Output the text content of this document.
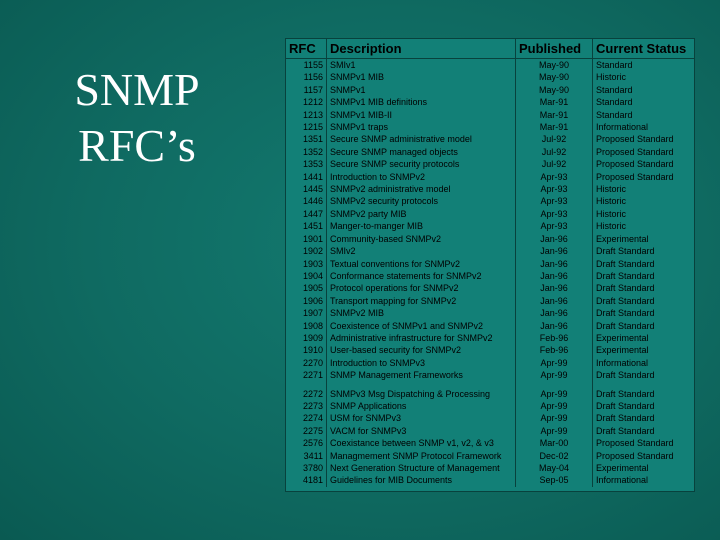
SNMP
RFC’s
RFC	Description	Published	Current Status
1155	SMIv1	May-90	Standard
1156	SNMPv1 MIB	May-90	Historic
1157	SNMPv1	May-90	Standard
1212	SNMPv1 MIB definitions	Mar-91	Standard
1213	SNMPv1 MIB-II	Mar-91	Standard
1215	SNMPv1 traps	Mar-91	Informational
1351	Secure SNMP administrative model	Jul-92	Proposed Standard
1352	Secure SNMP managed objects	Jul-92	Proposed Standard
1353	Secure SNMP security protocols	Jul-92	Proposed Standard
1441	Introduction to SNMPv2	Apr-93	Proposed Standard
1445	SNMPv2 administrative model	Apr-93	Historic
1446	SNMPv2 security protocols	Apr-93	Historic
1447	SNMPv2 party MIB	Apr-93	Historic
1451	Manger-to-manger MIB	Apr-93	Historic
1901	Community-based SNMPv2	Jan-96	Experimental
1902	SMIv2	Jan-96	Draft Standard
1903	Textual conventions for SNMPv2	Jan-96	Draft Standard
1904	Conformance statements for SNMPv2	Jan-96	Draft Standard
1905	Protocol operations for SNMPv2	Jan-96	Draft Standard
1906	Transport mapping for SNMPv2	Jan-96	Draft Standard
1907	SNMPv2 MIB	Jan-96	Draft Standard
1908	Coexistence of SNMPv1 and SNMPv2	Jan-96	Draft Standard
1909	Administrative infrastructure for SNMPv2	Feb-96	Experimental
1910	User-based security for SNMPv2	Feb-96	Experimental
2270	Introduction to SNMPv3	Apr-99	Informational
2271	SNMP Management Frameworks	Apr-99	Draft Standard

2272	SNMPv3 Msg Dispatching & Processing	Apr-99	Draft Standard
2273	SNMP Applications	Apr-99	Draft Standard
2274	USM for SNMPv3	Apr-99	Draft Standard
2275	VACM for SNMPv3	Apr-99	Draft Standard
2576	Coexistance between SNMP v1, v2, & v3	Mar-00	Proposed Standard
3411	Managmement SNMP Protocol Framework	Dec-02	Proposed Standard
3780	Next Generation Structure of Management	May-04	Experimental
4181	Guidelines for MIB Documents	Sep-05	Informational
